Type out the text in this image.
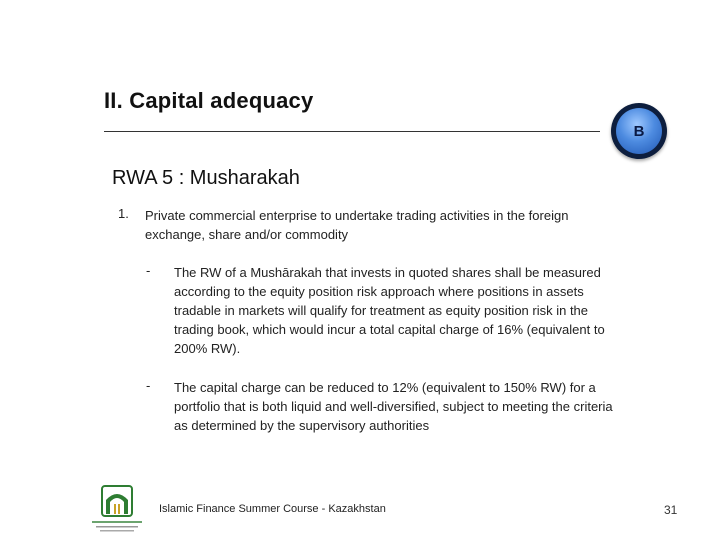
II. Capital adequacy
B
RWA 5 : Musharakah
1. Private commercial enterprise to undertake trading activities in the foreign exchange, share and/or commodity
- The RW of a Mushārakah that invests in quoted shares shall be measured according to the equity position risk approach where positions in assets tradable in markets will qualify for treatment as equity position risk in the trading book, which would incur a total capital charge of 16% (equivalent to 200% RW).
- The capital charge can be reduced to 12% (equivalent to 150% RW) for a portfolio that is both liquid and well-diversified, subject to meeting the criteria as determined by the supervisory authorities
Islamic Finance Summer Course - Kazakhstan	31
